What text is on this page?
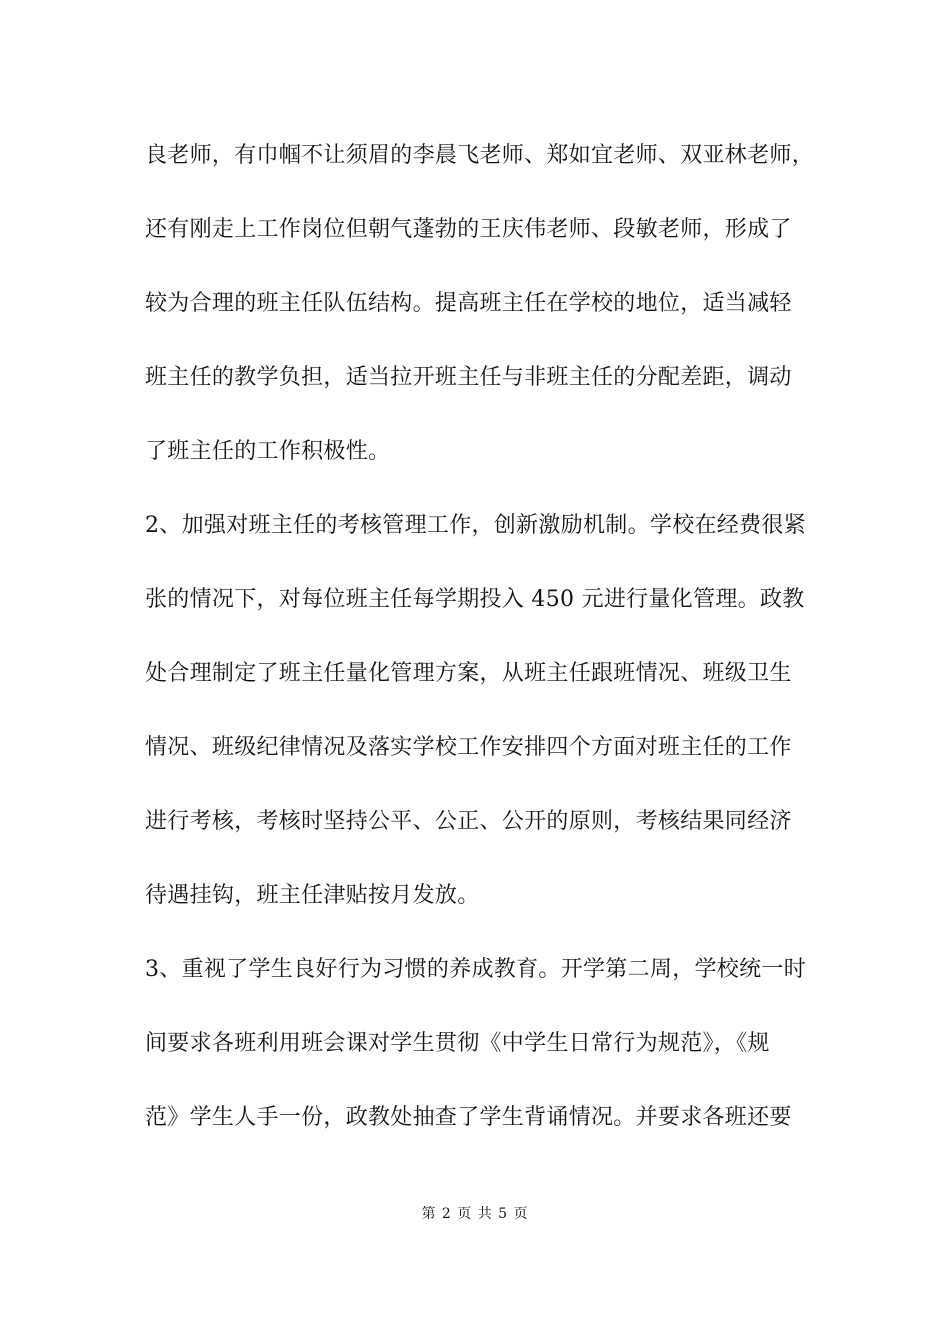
良老师，有巾帼不让须眉的李晨飞老师、郑如宜老师、双亚林老师，
还有刚走上工作岗位但朝气蓬勃的王庆伟老师、段敏老师，形成了
较为合理的班主任队伍结构。提高班主任在学校的地位，适当减轻
班主任的教学负担，适当拉开班主任与非班主任的分配差距，调动
了班主任的工作积极性。
2、加强对班主任的考核管理工作，创新激励机制。学校在经费很紧
张的情况下，对每位班主任每学期投入 450 元进行量化管理。政教
处合理制定了班主任量化管理方案，从班主任跟班情况、班级卫生
情况、班级纪律情况及落实学校工作安排四个方面对班主任的工作
进行考核，考核时坚持公平、公正、公开的原则，考核结果同经济
待遇挂钩，班主任津贴按月发放。
3、重视了学生良好行为习惯的养成教育。开学第二周，学校统一时
间要求各班利用班会课对学生贯彻《中学生日常行为规范》，《规
范》学生人手一份，政教处抽查了学生背诵情况。并要求各班还要
第 2 页 共 5 页
